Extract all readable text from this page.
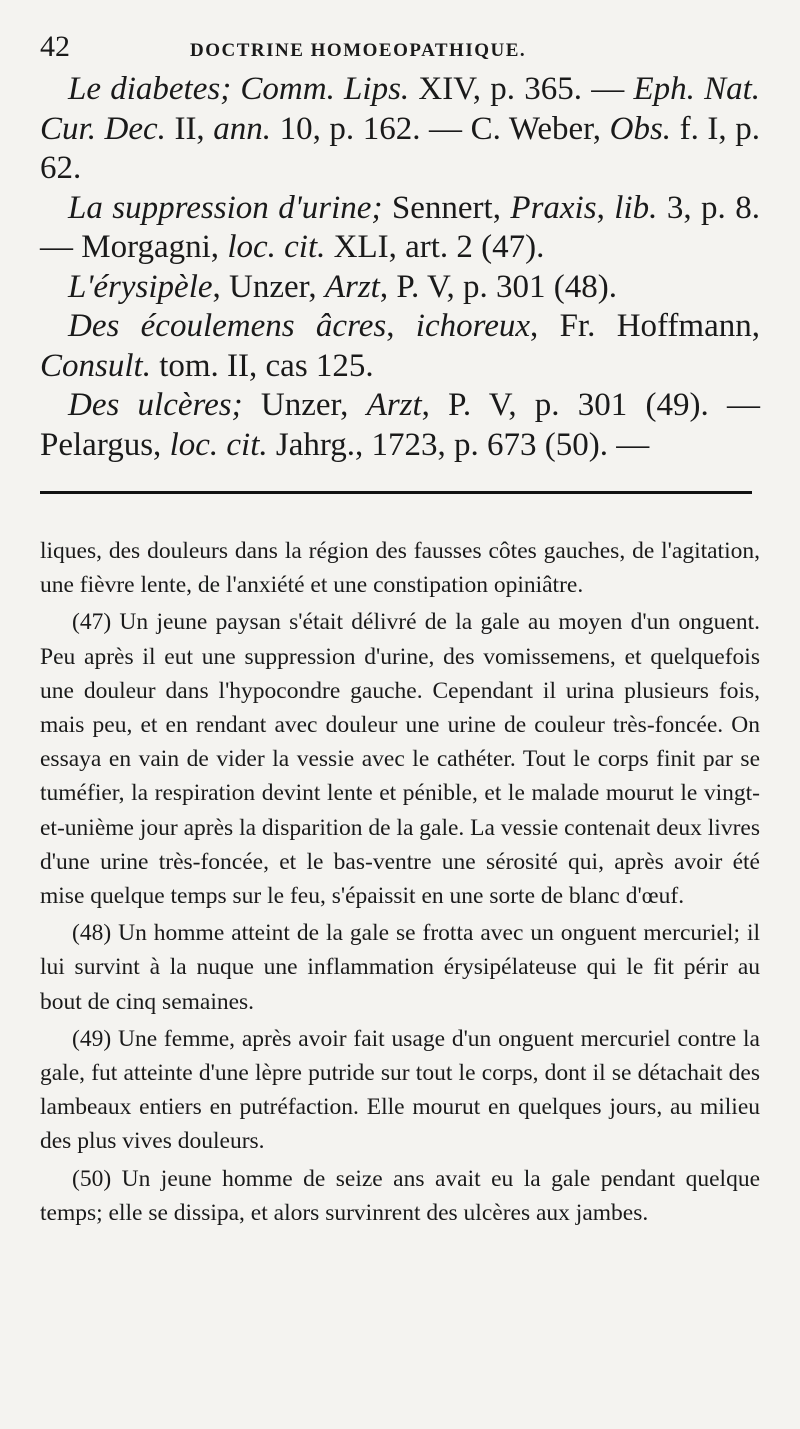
42	DOCTRINE HOMOEOPATHIQUE.

Le diabetes; Comm. Lips. XIV, p. 365. — Eph. Nat. Cur. Dec. II, ann. 10, p. 162. — C. Weber, Obs. f. I, p. 62.

La suppression d'urine; Sennert, Praxis, lib. 3, p. 8. — Morgagni, loc. cit. XLI, art. 2 (47).

L'érysipèle, Unzer, Arzt, P. V, p. 301 (48).

Des écoulemens âcres, ichoreux, Fr. Hoffmann, Consult. tom. II, cas 125.

Des ulcères; Unzer, Arzt, P. V, p. 301 (49). — Pelargus, loc. cit. Jahrg., 1723, p. 673 (50). —

liques, des douleurs dans la région des fausses côtes gauches, de l'agitation, une fièvre lente, de l'anxiété et une constipation opiniâtre.

(47) Un jeune paysan s'était délivré de la gale au moyen d'un onguent. Peu après il eut une suppression d'urine, des vomissemens, et quelquefois une douleur dans l'hypocondre gauche. Cependant il urina plusieurs fois, mais peu, et en rendant avec douleur une urine de couleur très-foncée. On essaya en vain de vider la vessie avec le cathéter. Tout le corps finit par se tuméfier, la respiration devint lente et pénible, et le malade mourut le vingt-et-unième jour après la disparition de la gale. La vessie contenait deux livres d'une urine très-foncée, et le bas-ventre une sérosité qui, après avoir été mise quelque temps sur le feu, s'épaissit en une sorte de blanc d'œuf.

(48) Un homme atteint de la gale se frotta avec un onguent mercuriel; il lui survint à la nuque une inflammation érysipélateuse qui le fit périr au bout de cinq semaines.

(49) Une femme, après avoir fait usage d'un onguent mercuriel contre la gale, fut atteinte d'une lèpre putride sur tout le corps, dont il se détachait des lambeaux entiers en putréfaction. Elle mourut en quelques jours, au milieu des plus vives douleurs.

(50) Un jeune homme de seize ans avait eu la gale pendant quelque temps; elle se dissipa, et alors survinrent des ulcères aux jambes.
